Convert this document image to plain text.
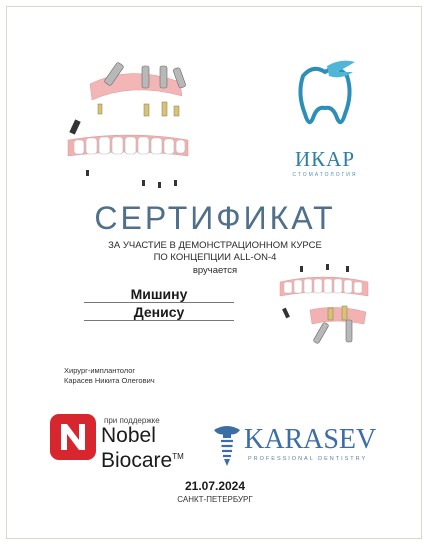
ИКАР
СТОМАТОЛОГИЯ
СЕРТИФИКАТ
ЗА УЧАСТИЕ В ДЕМОНСТРАЦИОННОМ КУРСЕ
ПО КОНЦЕПЦИИ ALL-ON-4
вручается
Мишину
Денису
Хирург-имплантолог
Карасев Никита Олегович
при поддержке
Nobel
Biocare™
KARASEV
PROFESSIONAL DENTISTRY
21.07.2024
САНКТ-ПЕТЕРБУРГ
